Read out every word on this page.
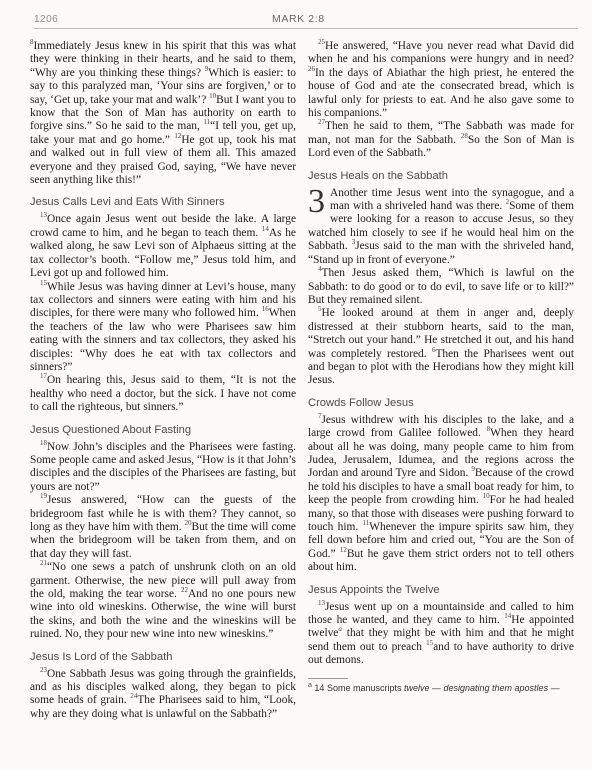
1206	MARK 2:8

$^8$Immediately Jesus knew in his spirit that this was what they were thinking in their hearts, and he said to them, “Why are you thinking these things? $^9$Which is easier: to say to this paralyzed man, ‘Your sins are forgiven,’ or to say, ‘Get up, take your mat and walk’? $^{10}$But I want you to know that the Son of Man has authority on earth to forgive sins.” So he said to the man, $^{11}$“I tell you, get up, take your mat and go home.” $^{12}$He got up, took his mat and walked out in full view of them all. This amazed everyone and they praised God, saying, “We have never seen anything like this!”

Jesus Calls Levi and Eats With Sinners

$^{13}$Once again Jesus went out beside the lake. A large crowd came to him, and he began to teach them. $^{14}$As he walked along, he saw Levi son of Alphaeus sitting at the tax collector’s booth. “Follow me,” Jesus told him, and Levi got up and followed him.

$^{15}$While Jesus was having dinner at Levi’s house, many tax collectors and sinners were eating with him and his disciples, for there were many who followed him. $^{16}$When the teachers of the law who were Pharisees saw him eating with the sinners and tax collectors, they asked his disciples: “Why does he eat with tax collectors and sinners?”

$^{17}$On hearing this, Jesus said to them, “It is not the healthy who need a doctor, but the sick. I have not come to call the righteous, but sinners.”

Jesus Questioned About Fasting

$^{18}$Now John’s disciples and the Pharisees were fasting. Some people came and asked Jesus, “How is it that John’s disciples and the disciples of the Pharisees are fasting, but yours are not?”

$^{19}$Jesus answered, “How can the guests of the bridegroom fast while he is with them? They cannot, so long as they have him with them. $^{20}$But the time will come when the bridegroom will be taken from them, and on that day they will fast.

$^{21}$“No one sews a patch of unshrunk cloth on an old garment. Otherwise, the new piece will pull away from the old, making the tear worse. $^{22}$And no one pours new wine into old wineskins. Otherwise, the wine will burst the skins, and both the wine and the wineskins will be ruined. No, they pour new wine into new wineskins.”

Jesus Is Lord of the Sabbath

$^{23}$One Sabbath Jesus was going through the grainfields, and as his disciples walked along, they began to pick some heads of grain. $^{24}$The Pharisees said to him, “Look, why are they doing what is unlawful on the Sabbath?”

$^{25}$He answered, “Have you never read what David did when he and his companions were hungry and in need? $^{26}$In the days of Abiathar the high priest, he entered the house of God and ate the consecrated bread, which is lawful only for priests to eat. And he also gave some to his companions.”

$^{27}$Then he said to them, “The Sabbath was made for man, not man for the Sabbath. $^{28}$So the Son of Man is Lord even of the Sabbath.”

Jesus Heals on the Sabbath
3 Another time Jesus went into the synagogue, and a man with a shriveled hand was there. $^2$Some of them were looking for a reason to accuse Jesus, so they watched him closely to see if he would heal him on the Sabbath. $^3$Jesus said to the man with the shriveled hand, “Stand up in front of everyone.”

$^4$Then Jesus asked them, “Which is lawful on the Sabbath: to do good or to do evil, to save life or to kill?” But they remained silent.

$^5$He looked around at them in anger and, deeply distressed at their stubborn hearts, said to the man, “Stretch out your hand.” He stretched it out, and his hand was completely restored. $^6$Then the Pharisees went out and began to plot with the Herodians how they might kill Jesus.

Crowds Follow Jesus

$^7$Jesus withdrew with his disciples to the lake, and a large crowd from Galilee followed. $^8$When they heard about all he was doing, many people came to him from Judea, Jerusalem, Idumea, and the regions across the Jordan and around Tyre and Sidon. $^9$Because of the crowd he told his disciples to have a small boat ready for him, to keep the people from crowding him. $^{10}$For he had healed many, so that those with diseases were pushing forward to touch him. $^{11}$Whenever the impure spirits saw him, they fell down before him and cried out, “You are the Son of God.” $^{12}$But he gave them strict orders not to tell others about him.

Jesus Appoints the Twelve

$^{13}$Jesus went up on a mountainside and called to him those he wanted, and they came to him. $^{14}$He appointed twelve$^a$ that they might be with him and that he might send them out to preach $^{15}$and to have authority to drive out demons.

$^a$ 14 Some manuscripts twelve — designating them apostles —
